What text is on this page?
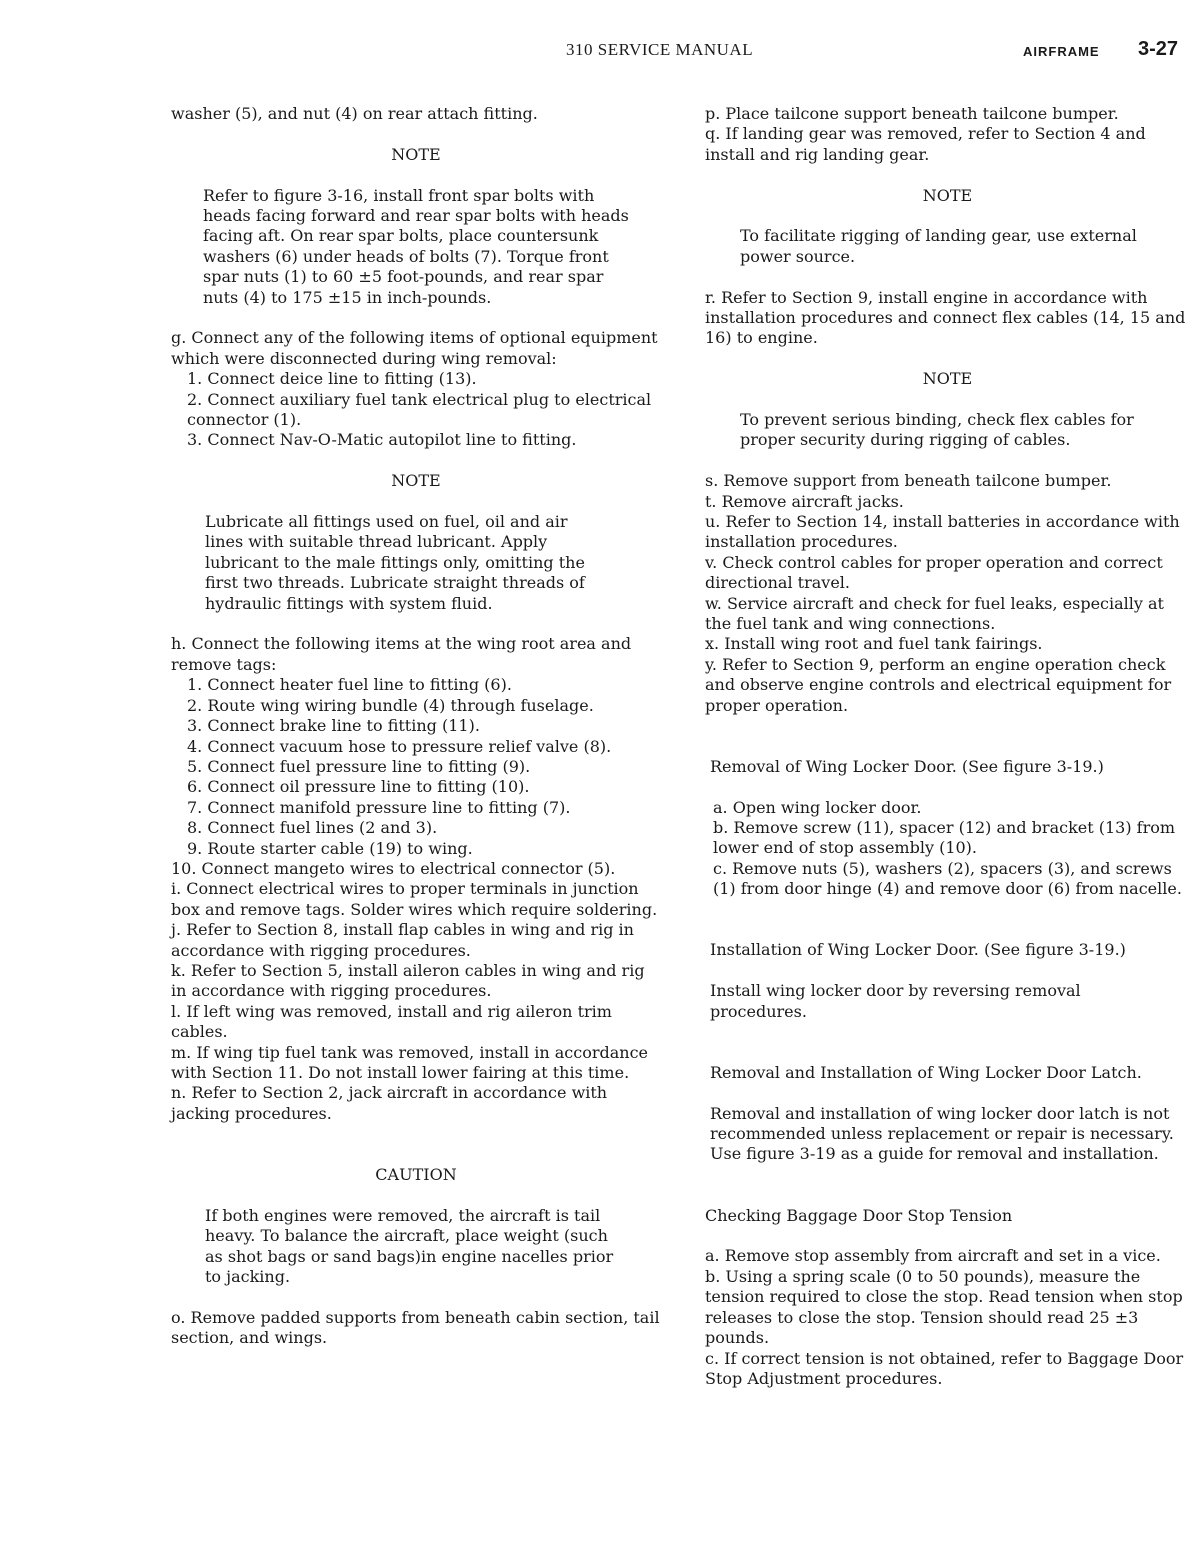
310 SERVICE MANUAL	AIRFRAME 3-27

washer (5), and nut (4) on rear attach fitting.

NOTE

Refer to figure 3-16, install front spar bolts with heads facing forward and rear spar bolts with heads facing aft. On rear spar bolts, place countersunk washers (6) under heads of bolts (7). Torque front spar nuts (1) to 60 ±5 foot-pounds, and rear spar nuts (4) to 175 ±15 in inch-pounds.

g. Connect any of the following items of optional equipment which were disconnected during wing removal:

1. Connect deice line to fitting (13).
2. Connect auxiliary fuel tank electrical plug to electrical connector (1).
3. Connect Nav-O-Matic autopilot line to fitting.

NOTE

Lubricate all fittings used on fuel, oil and air lines with suitable thread lubricant. Apply lubricant to the male fittings only, omitting the first two threads. Lubricate straight threads of hydraulic fittings with system fluid.

h. Connect the following items at the wing root area and remove tags:

1. Connect heater fuel line to fitting (6).
2. Route wing wiring bundle (4) through fuselage.
3. Connect brake line to fitting (11).
4. Connect vacuum hose to pressure relief valve (8).
5. Connect fuel pressure line to fitting (9).
6. Connect oil pressure line to fitting (10).
7. Connect manifold pressure line to fitting (7).
8. Connect fuel lines (2 and 3).
9. Route starter cable (19) to wing.
10. Connect mangeto wires to electrical connector (5).

i. Connect electrical wires to proper terminals in junction box and remove tags. Solder wires which require soldering.

j. Refer to Section 8, install flap cables in wing and rig in accordance with rigging procedures.

k. Refer to Section 5, install aileron cables in wing and rig in accordance with rigging procedures.

l. If left wing was removed, install and rig aileron trim cables.

m. If wing tip fuel tank was removed, install in accordance with Section 11. Do not install lower fairing at this time.

n. Refer to Section 2, jack aircraft in accordance with jacking procedures.

CAUTION

If both engines were removed, the aircraft is tail heavy. To balance the aircraft, place weight (such as shot bags or sand bags)in engine nacelles prior to jacking.

o. Remove padded supports from beneath cabin section, tail section, and wings.

p. Place tailcone support beneath tailcone bumper.

q. If landing gear was removed, refer to Section 4 and install and rig landing gear.

NOTE

To facilitate rigging of landing gear, use external power source.

r. Refer to Section 9, install engine in accordance with installation procedures and connect flex cables (14, 15 and 16) to engine.

NOTE

To prevent serious binding, check flex cables for proper security during rigging of cables.

s. Remove support from beneath tailcone bumper.

t. Remove aircraft jacks.

u. Refer to Section 14, install batteries in accordance with installation procedures.

v. Check control cables for proper operation and correct directional travel.

w. Service aircraft and check for fuel leaks, especially at the fuel tank and wing connections.

x. Install wing root and fuel tank fairings.

y. Refer to Section 9, perform an engine operation check and observe engine controls and electrical equipment for proper operation.

Removal of Wing Locker Door. (See figure 3-19.)

a. Open wing locker door.

b. Remove screw (11), spacer (12) and bracket (13) from lower end of stop assembly (10).

c. Remove nuts (5), washers (2), spacers (3), and screws (1) from door hinge (4) and remove door (6) from nacelle.

Installation of Wing Locker Door. (See figure 3-19.)

Install wing locker door by reversing removal procedures.

Removal and Installation of Wing Locker Door Latch.

Removal and installation of wing locker door latch is not recommended unless replacement or repair is necessary. Use figure 3-19 as a guide for removal and installation.

Checking Baggage Door Stop Tension

a. Remove stop assembly from aircraft and set in a vice.

b. Using a spring scale (0 to 50 pounds), measure the tension required to close the stop. Read tension when stop releases to close the stop. Tension should read 25 ±3 pounds.

c. If correct tension is not obtained, refer to Baggage Door Stop Adjustment procedures.
